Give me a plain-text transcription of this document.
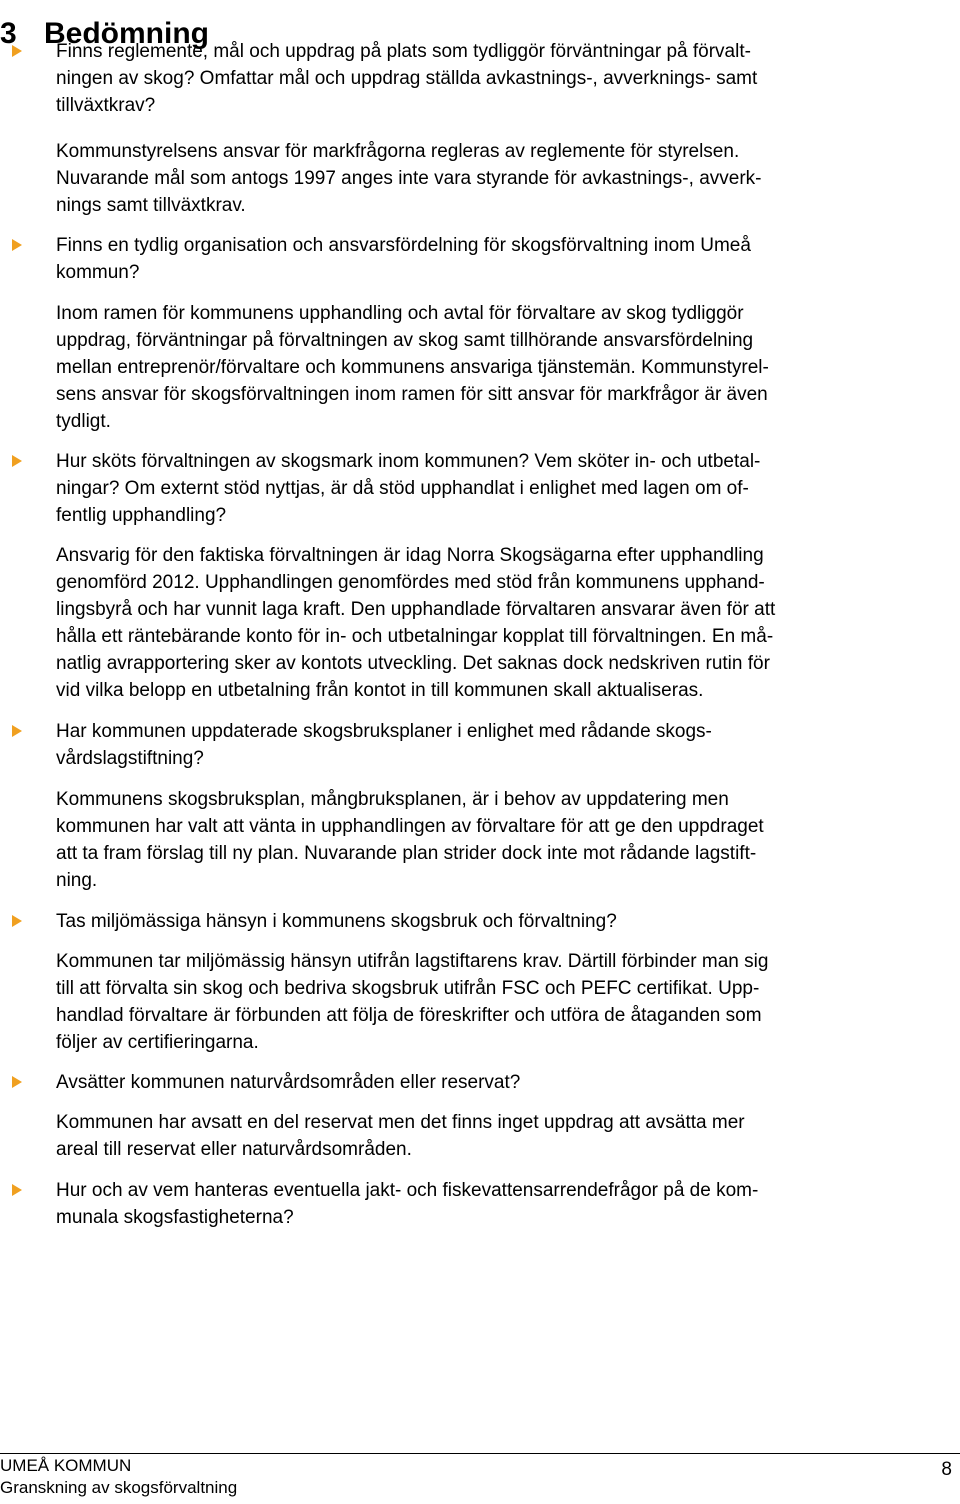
3 Bedömning

Finns reglemente, mål och uppdrag på plats som tydliggör förväntningar på förvalt-
ningen av skog? Omfattar mål och uppdrag ställda avkastnings-, avverknings- samt
tillväxtkrav?

Kommunstyrelsens ansvar för markfrågorna regleras av reglemente för styrelsen.
Nuvarande mål som antogs 1997 anges inte vara styrande för avkastnings-, avverk-
nings samt tillväxtkrav.

Finns en tydlig organisation och ansvarsfördelning för skogsförvaltning inom Umeå
kommun?

Inom ramen för kommunens upphandling och avtal för förvaltare av skog tydliggör
uppdrag, förväntningar på förvaltningen av skog samt tillhörande ansvarsfördelning
mellan entreprenör/förvaltare och kommunens ansvariga tjänstemän. Kommunstyrel-
sens ansvar för skogsförvaltningen inom ramen för sitt ansvar för markfrågor är även
tydligt.

Hur sköts förvaltningen av skogsmark inom kommunen? Vem sköter in- och utbetal-
ningar? Om externt stöd nyttjas, är då stöd upphandlat i enlighet med lagen om of-
fentlig upphandling?

Ansvarig för den faktiska förvaltningen är idag Norra Skogsägarna efter upphandling
genomförd 2012. Upphandlingen genomfördes med stöd från kommunens upphand-
lingsbyrå och har vunnit laga kraft. Den upphandlade förvaltaren ansvarar även för att
hålla ett räntebärande konto för in- och utbetalningar kopplat till förvaltningen. En må-
natlig avrapportering sker av kontots utveckling. Det saknas dock nedskriven rutin för
vid vilka belopp en utbetalning från kontot in till kommunen skall aktualiseras.

Har kommunen uppdaterade skogsbruksplaner i enlighet med rådande skogs-
vårdslagstiftning?

Kommunens skogsbruksplan, mångbruksplanen, är i behov av uppdatering men
kommunen har valt att vänta in upphandlingen av förvaltare för att ge den uppdraget
att ta fram förslag till ny plan. Nuvarande plan strider dock inte mot rådande lagstift-
ning.

Tas miljömässiga hänsyn i kommunens skogsbruk och förvaltning?

Kommunen tar miljömässig hänsyn utifrån lagstiftarens krav. Därtill förbinder man sig
till att förvalta sin skog och bedriva skogsbruk utifrån FSC och PEFC certifikat. Upp-
handlad förvaltare är förbunden att följa de föreskrifter och utföra de åtaganden som
följer av certifieringarna.

Avsätter kommunen naturvårdsområden eller reservat?

Kommunen har avsatt en del reservat men det finns inget uppdrag att avsätta mer
areal till reservat eller naturvårdsområden.

Hur och av vem hanteras eventuella jakt- och fiskevattensarrendefrågor på de kom-
munala skogsfastigheterna?

UMEÅ KOMMUN
Granskning av skogsförvaltning
8
